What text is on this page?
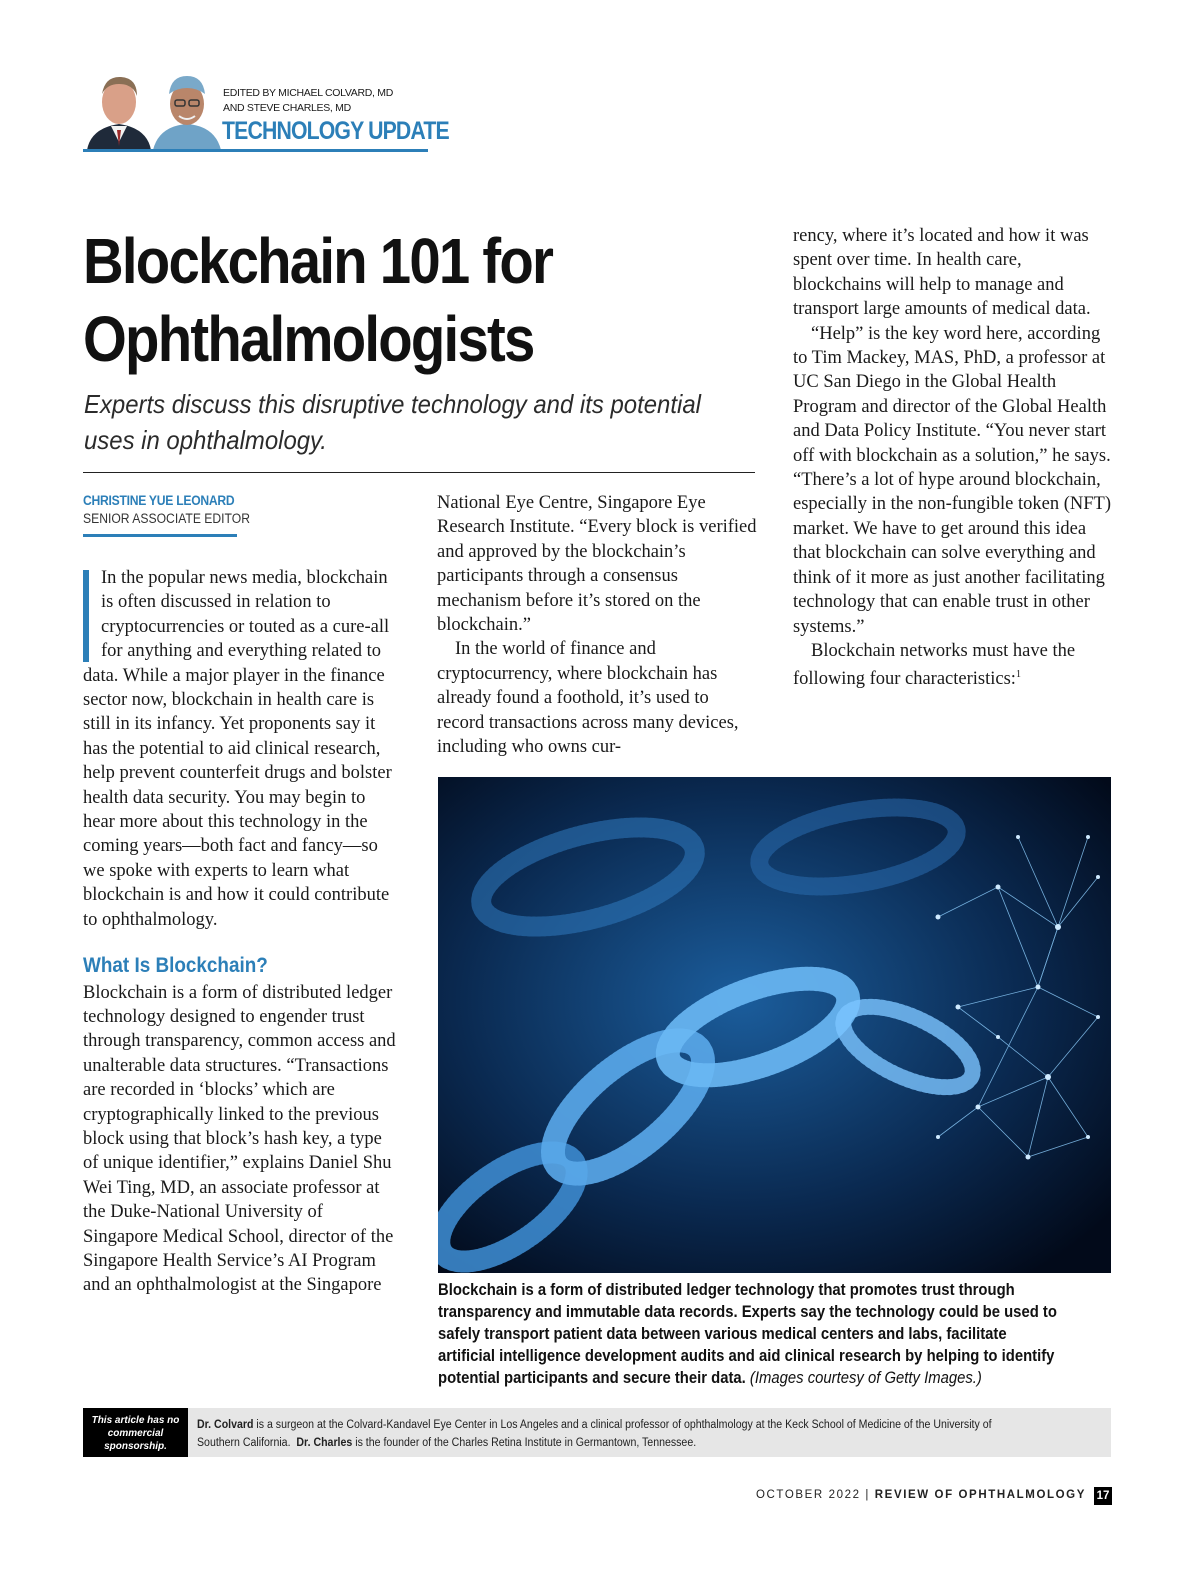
EDITED BY MICHAEL COLVARD, MD
AND STEVE CHARLES, MD
TECHNOLOGY UPDATE
Blockchain 101 for
Ophthalmologists
Experts discuss this disruptive technology and its potential uses in ophthalmology.
CHRISTINE YUE LEONARD
SENIOR ASSOCIATE EDITOR

In the popular news media, blockchain is often discussed in relation to cryptocurrencies or touted as a cure-all for anything and everything related to data. While a major player in the finance sector now, blockchain in health care is still in its infancy. Yet proponents say it has the potential to aid clinical research, help prevent counterfeit drugs and bolster health data security. You may begin to hear more about this technology in the coming years—both fact and fancy—so we spoke with experts to learn what blockchain is and how it could contribute to ophthalmology.

What Is Blockchain?

Blockchain is a form of distributed ledger technology designed to engender trust through transparency, common access and unalterable data structures. “Transactions are recorded in ‘blocks’ which are cryptographically linked to the previous block using that block’s hash key, a type of unique identifier,” explains Daniel Shu Wei Ting, MD, an associate professor at the Duke-National University of Singapore Medical School, director of the Singapore Health Service’s AI Program and an ophthalmologist at the Singapore

National Eye Centre, Singapore Eye Research Institute. “Every block is verified and approved by the blockchain’s participants through a consensus mechanism before it’s stored on the blockchain.”

In the world of finance and cryptocurrency, where blockchain has already found a foothold, it’s used to record transactions across many devices, including who owns cur-

rency, where it’s located and how it was spent over time. In health care, blockchains will help to manage and transport large amounts of medical data.

“Help” is the key word here, according to Tim Mackey, MAS, PhD, a professor at UC San Diego in the Global Health Program and director of the Global Health and Data Policy Institute. “You never start off with blockchain as a solution,” he says. “There’s a lot of hype around blockchain, especially in the non-fungible token (NFT) market. We have to get around this idea that blockchain can solve everything and think of it more as just another facilitating technology that can enable trust in other systems.”

Blockchain networks must have the following four characteristics:$^1$

Blockchain is a form of distributed ledger technology that promotes trust through transparency and immutable data records. Experts say the technology could be used to safely transport patient data between various medical centers and labs, facilitate artificial intelligence development audits and aid clinical research by helping to identify potential participants and secure their data. (Images courtesy of Getty Images.)
This article has no commercial sponsorship.
Dr. Colvard is a surgeon at the Colvard-Kandavel Eye Center in Los Angeles and a clinical professor of ophthalmology at the Keck School of Medicine of the University of Southern California. Dr. Charles is the founder of the Charles Retina Institute in Germantown, Tennessee.
OCTOBER 2022 | REVIEW OF OPHTHALMOLOGY 17
